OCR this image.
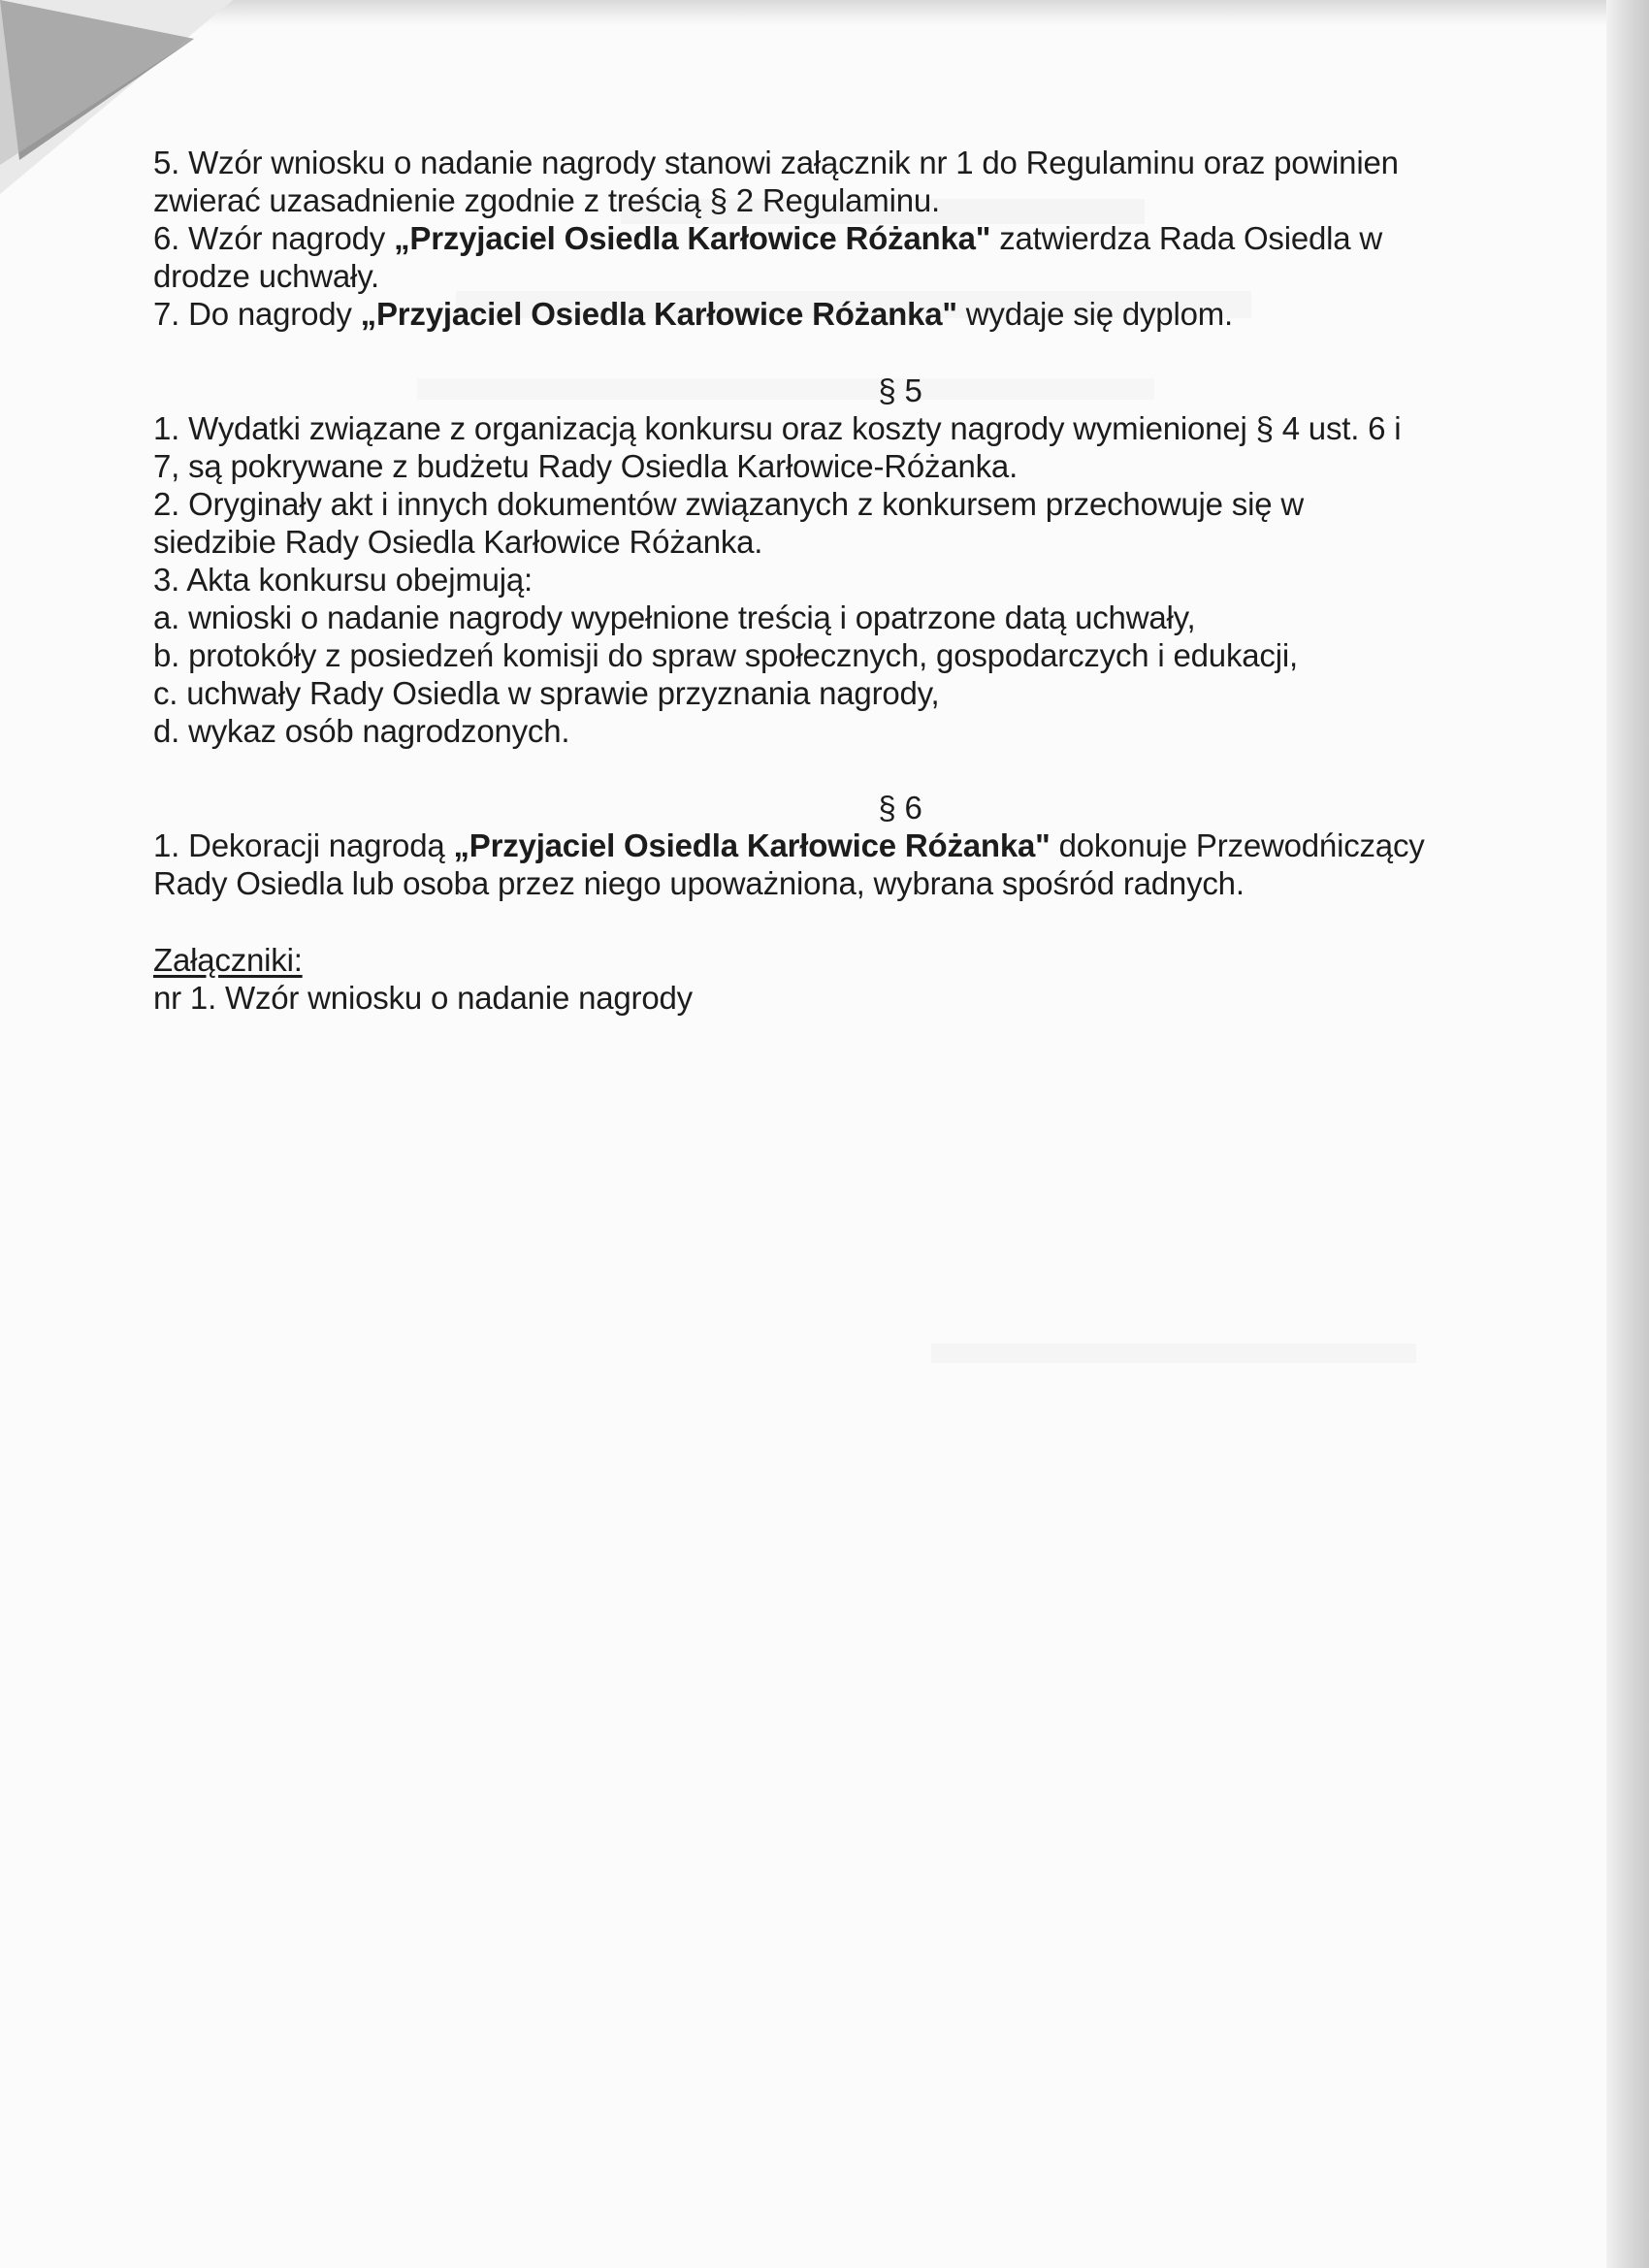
5. Wzór wniosku o nadanie nagrody stanowi załącznik nr 1 do Regulaminu oraz powinien
zwierać uzasadnienie zgodnie z treścią § 2 Regulaminu.

6. Wzór nagrody „Przyjaciel Osiedla Karłowice Różanka" zatwierdza Rada Osiedla w
drodze uchwały.

7. Do nagrody „Przyjaciel Osiedla Karłowice Różanka" wydaje się dyplom.

§ 5

1. Wydatki związane z organizacją konkursu oraz koszty nagrody wymienionej § 4 ust. 6 i
7, są pokrywane z budżetu Rady Osiedla Karłowice-Różanka.

2. Oryginały akt i innych dokumentów związanych z konkursem przechowuje się w
siedzibie Rady Osiedla Karłowice Różanka.

3. Akta konkursu obejmują:

a. wnioski o nadanie nagrody wypełnione treścią i opatrzone datą uchwały,

b. protokóły z posiedzeń komisji do spraw społecznych, gospodarczych i edukacji,

c. uchwały Rady Osiedla w sprawie przyznania nagrody,

d. wykaz osób nagrodzonych.

§ 6

1. Dekoracji nagrodą „Przyjaciel Osiedla Karłowice Różanka" dokonuje Przewodńiczący
Rady Osiedla lub osoba przez niego upoważniona, wybrana spośród radnych.

Załączniki:

nr 1. Wzór wniosku o nadanie nagrody
